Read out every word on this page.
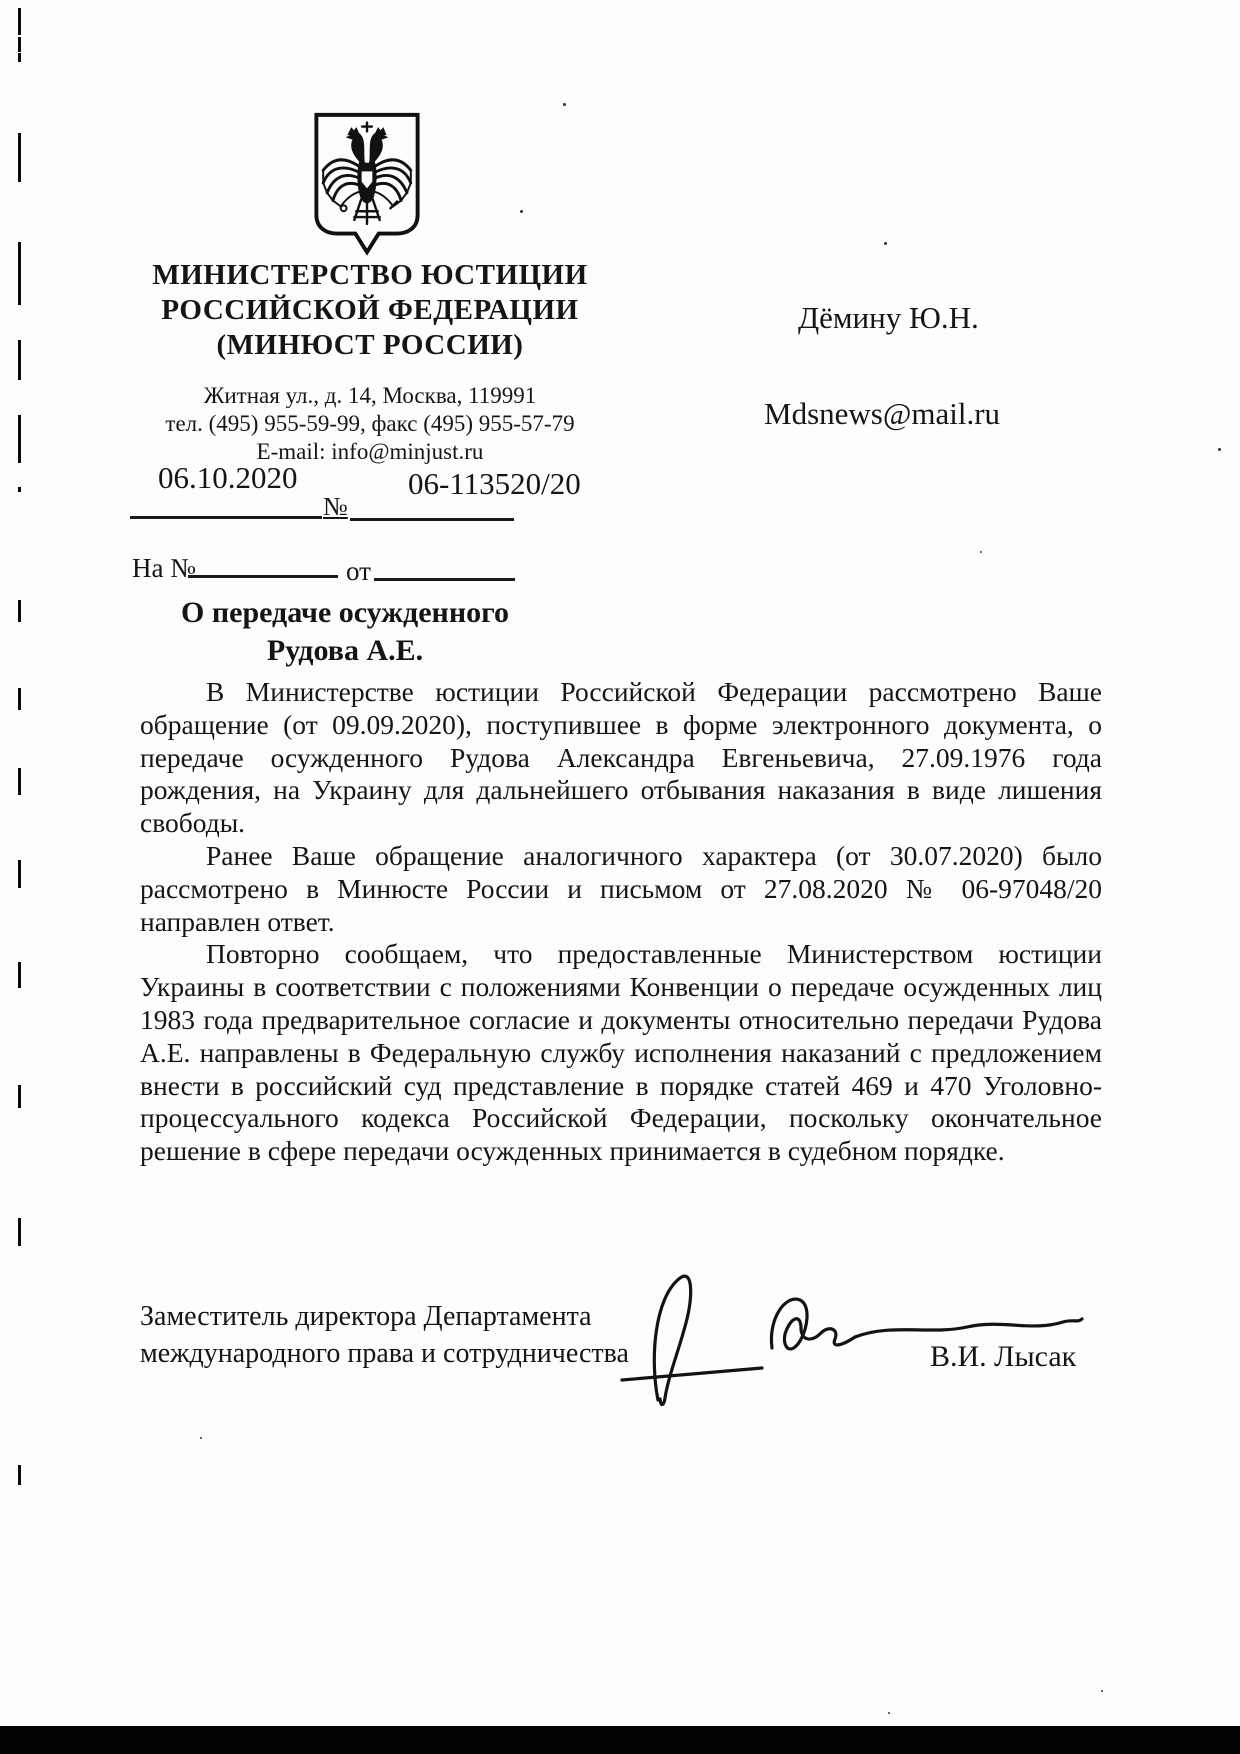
МИНИСТЕРСТВО ЮСТИЦИИ
РОССИЙСКОЙ ФЕДЕРАЦИИ
(МИНЮСТ РОССИИ)
Житная ул., д. 14, Москва, 119991
тел. (495) 955-59-99, факс (495) 955-57-79
E-mail: info@minjust.ru
06.10.2020	06-113520/20
№
На №	от
Дёмину Ю.Н.
Mdsnews@mail.ru
О передаче осужденного
Рудова А.Е.

В Министерстве юстиции Российской Федерации рассмотрено Ваше обращение (от 09.09.2020), поступившее в форме электронного документа, о передаче осужденного Рудова Александра Евгеньевича, 27.09.1976 года рождения, на Украину для дальнейшего отбывания наказания в виде лишения свободы.

Ранее Ваше обращение аналогичного характера (от 30.07.2020) было рассмотрено в Минюсте России и письмом от 27.08.2020 № 06-97048/20 направлен ответ.

Повторно сообщаем, что предоставленные Министерством юстиции Украины в соответствии с положениями Конвенции о передаче осужденных лиц 1983 года предварительное согласие и документы относительно передачи Рудова А.Е. направлены в Федеральную службу исполнения наказаний с предложением внести в российский суд представление в порядке статей 469 и 470 Уголовно-процессуального кодекса Российской Федерации, поскольку окончательное решение в сфере передачи осужденных принимается в судебном порядке.

Заместитель директора Департамента
международного права и сотрудничества	В.И. Лысак
